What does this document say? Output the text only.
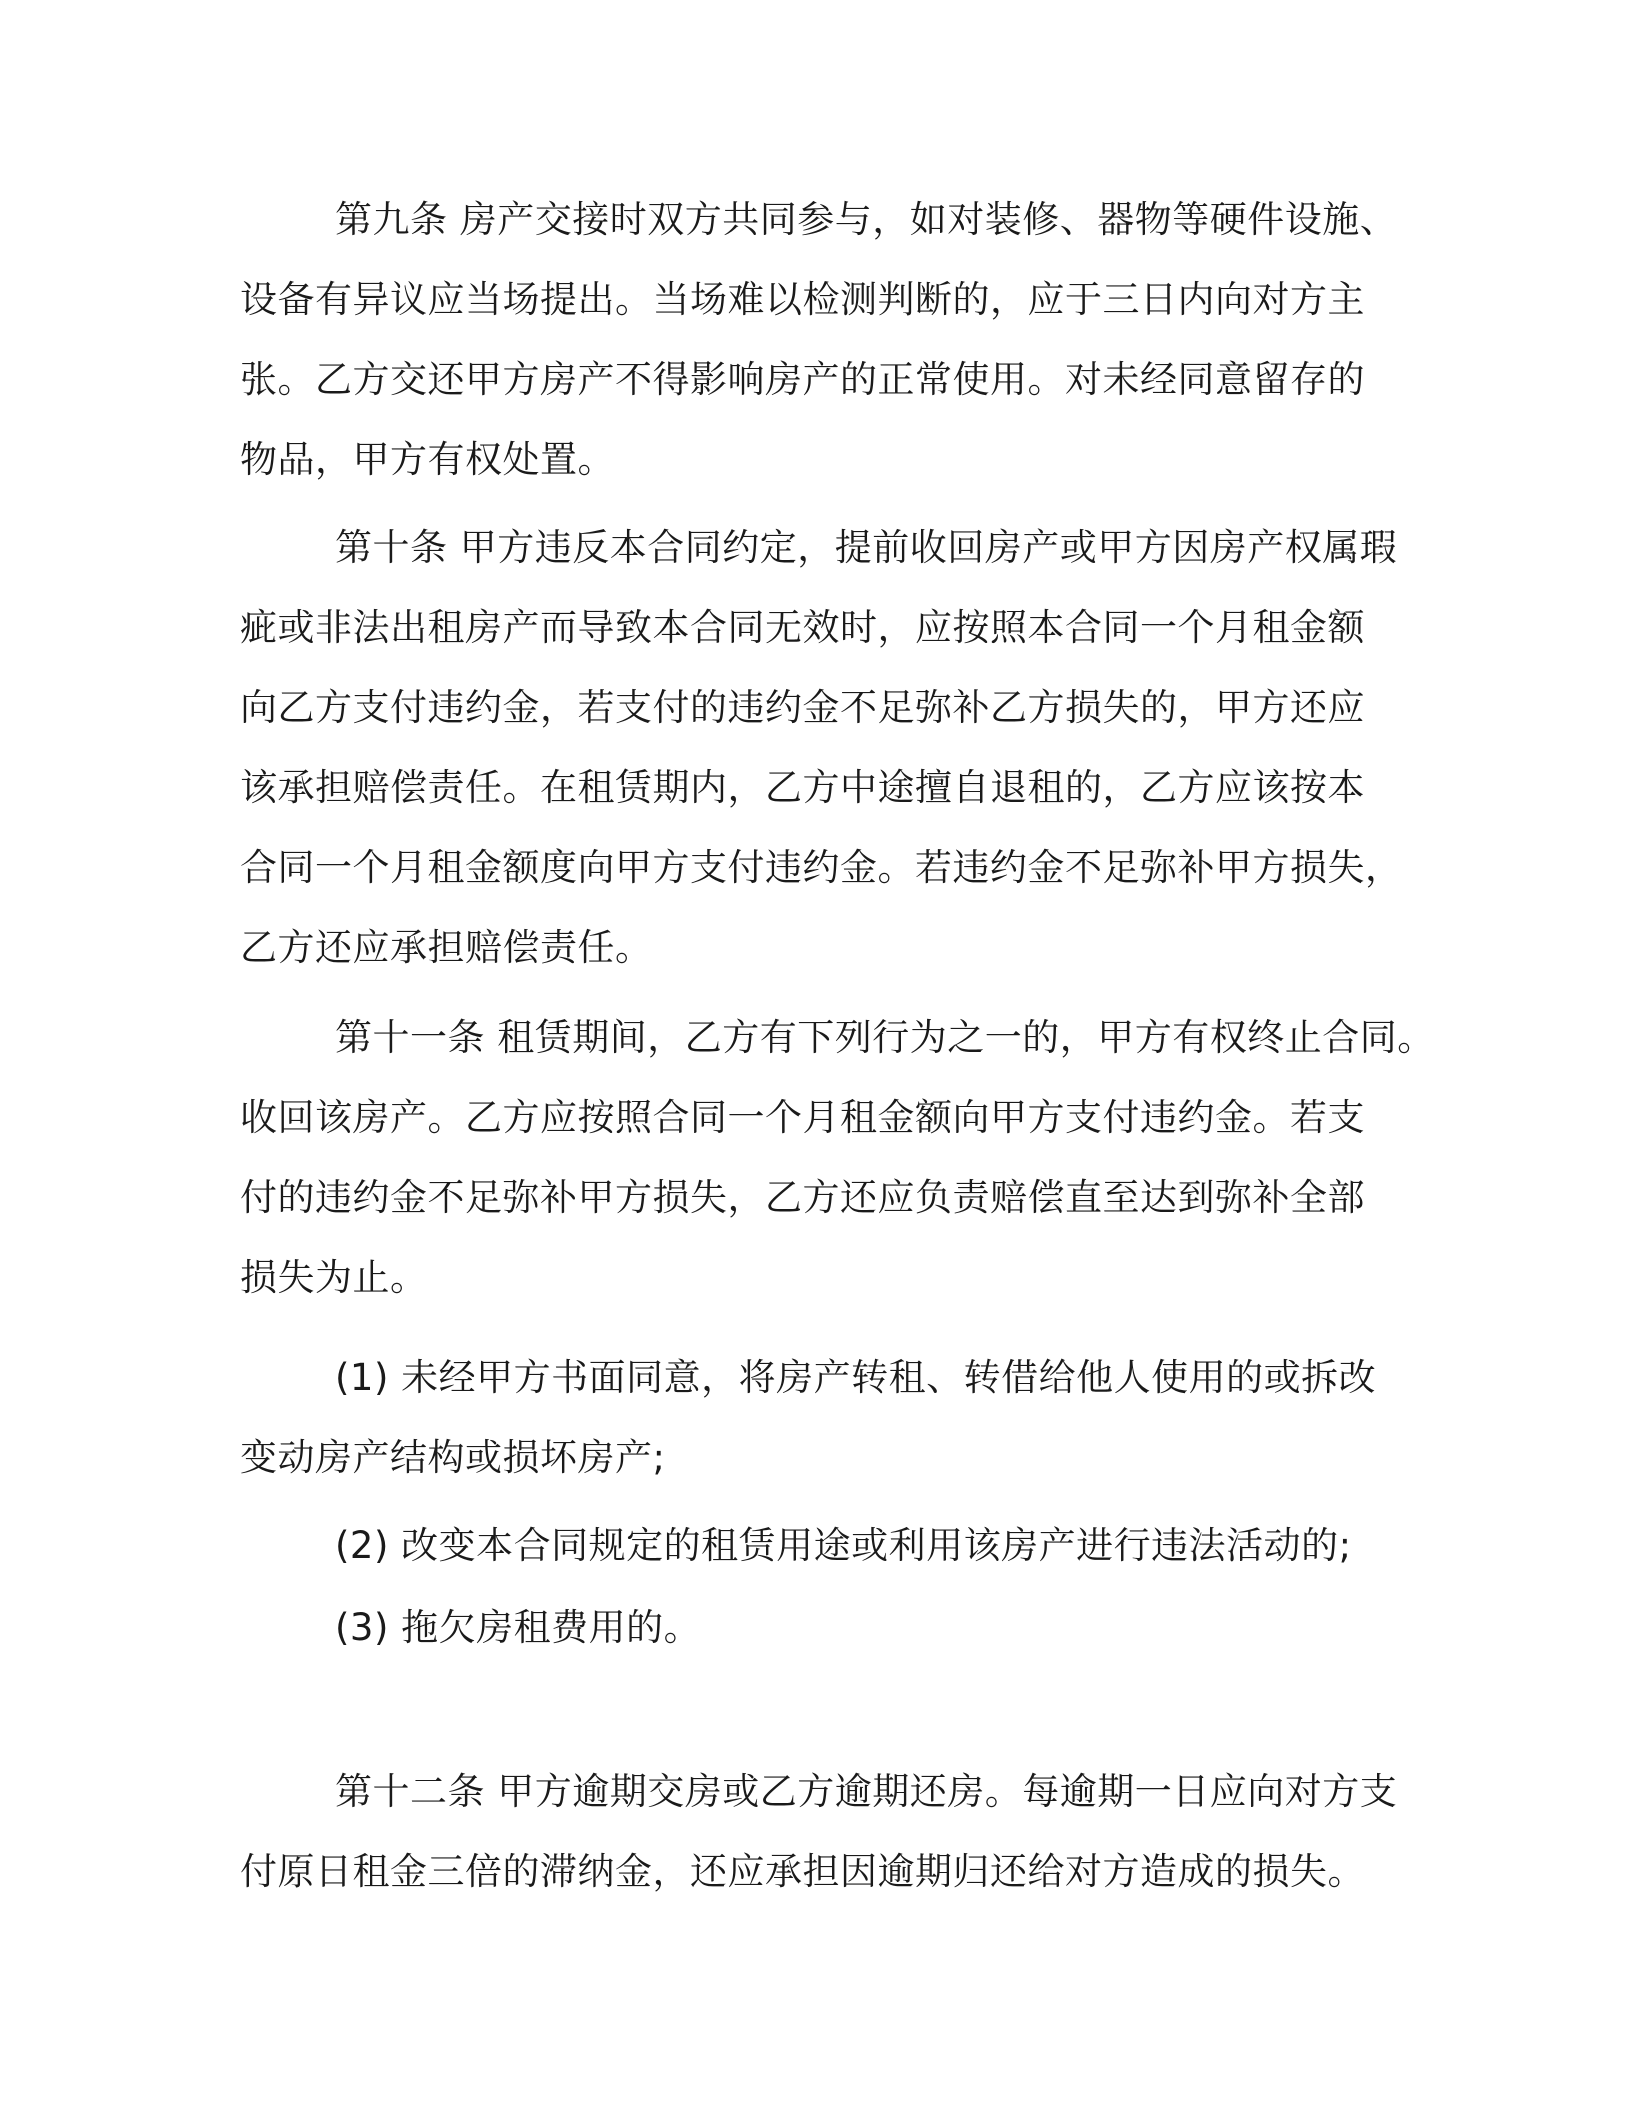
第九条 房产交接时双方共同参与，如对装修、器物等硬件设施、
设备有异议应当场提出。当场难以检测判断的，应于三日内向对方主
张。乙方交还甲方房产不得影响房产的正常使用。对未经同意留存的
物品，甲方有权处置。
第十条 甲方违反本合同约定，提前收回房产或甲方因房产权属瑕
疵或非法出租房产而导致本合同无效时，应按照本合同一个月租金额
向乙方支付违约金，若支付的违约金不足弥补乙方损失的，甲方还应
该承担赔偿责任。在租赁期内，乙方中途擅自退租的，乙方应该按本
合同一个月租金额度向甲方支付违约金。若违约金不足弥补甲方损失，
乙方还应承担赔偿责任。
第十一条 租赁期间，乙方有下列行为之一的，甲方有权终止合同。
收回该房产。乙方应按照合同一个月租金额向甲方支付违约金。若支
付的违约金不足弥补甲方损失，乙方还应负责赔偿直至达到弥补全部
损失为止。
(1) 未经甲方书面同意，将房产转租、转借给他人使用的或拆改
变动房产结构或损坏房产;
(2) 改变本合同规定的租赁用途或利用该房产进行违法活动的;
(3) 拖欠房租费用的。
第十二条 甲方逾期交房或乙方逾期还房。每逾期一日应向对方支
付原日租金三倍的滞纳金，还应承担因逾期归还给对方造成的损失。
